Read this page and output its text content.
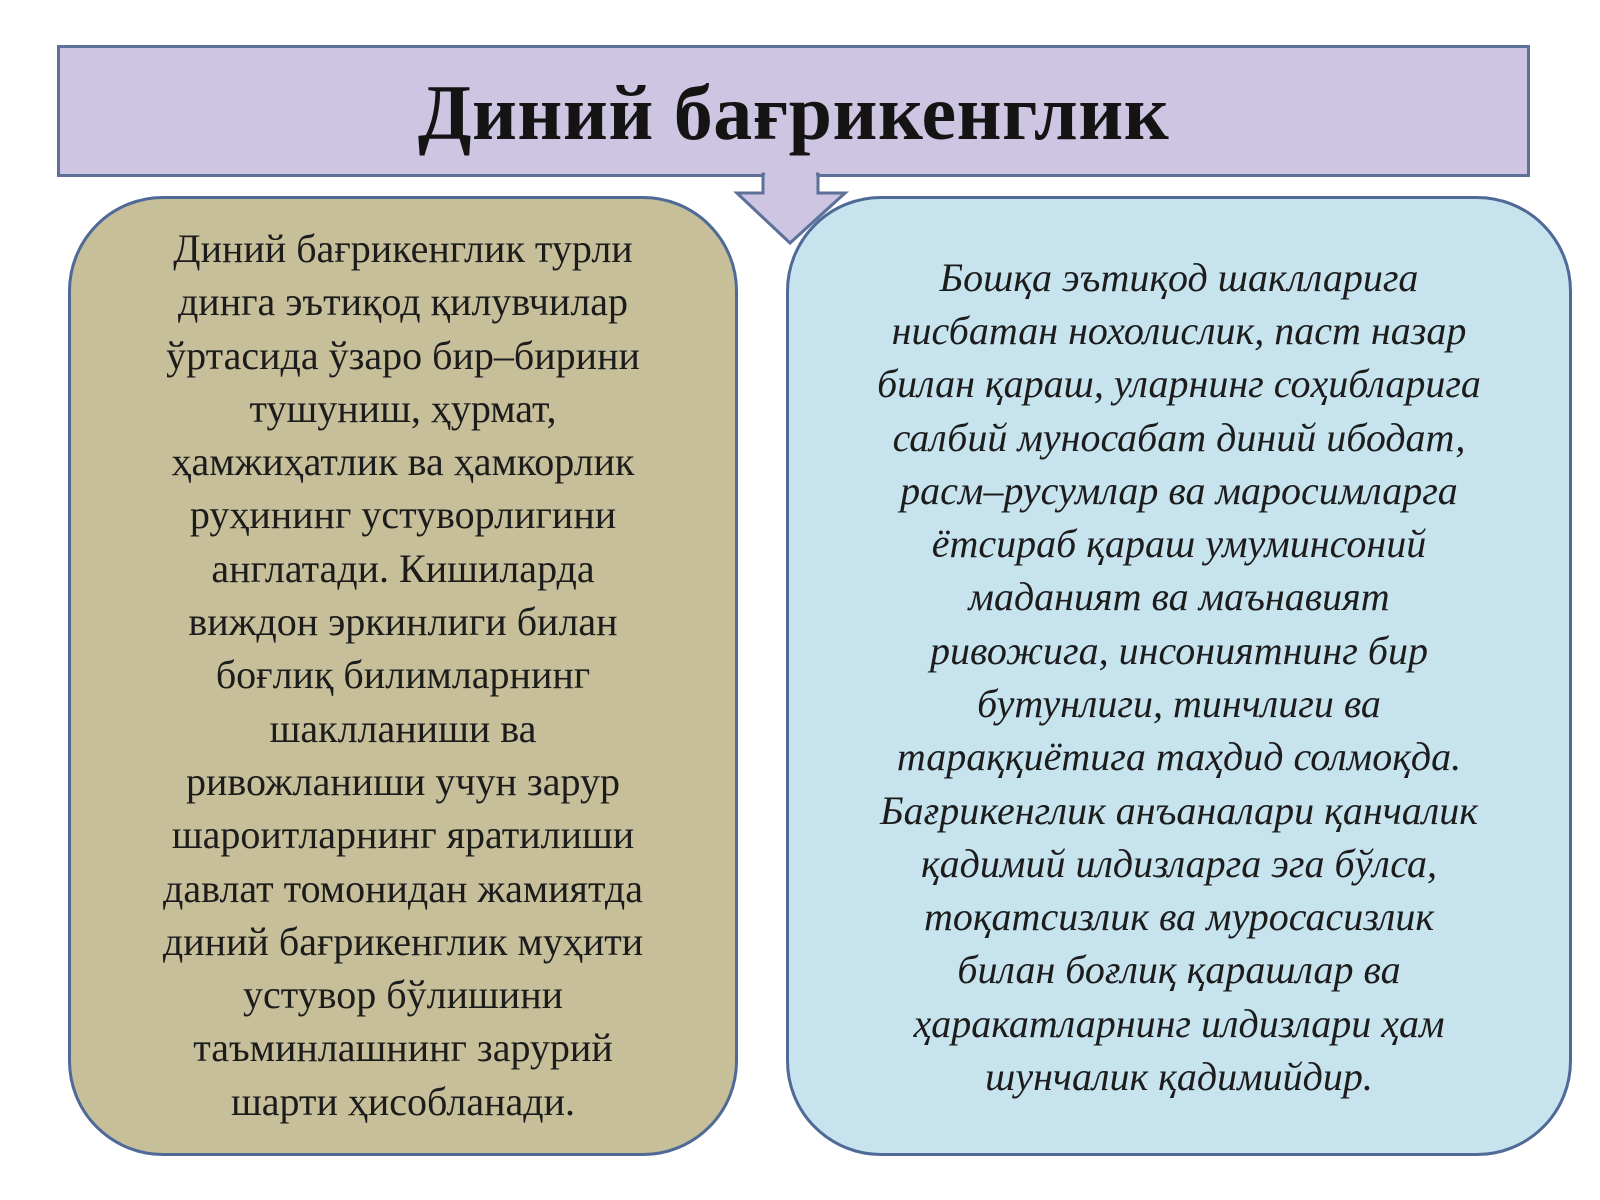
Диний бағрикенглик

Диний бағрикенглик турли
динга эътиқод қилувчилар
ўртасида ўзаро бир–бирини
тушуниш, ҳурмат,
ҳамжиҳатлик ва ҳамкорлик
руҳининг устуворлигини
англатади. Кишиларда
виждон эркинлиги билан
боғлиқ билимларнинг
шаклланиши ва
ривожланиши учун зарур
шароитларнинг яратилиши
давлат томонидан жамиятда
диний бағрикенглик муҳити
устувор бўлишини
таъминлашнинг зарурий
шарти ҳисобланади.

Бошқа эътиқод шаклларига
нисбатан нохолислик, паст назар
билан қараш, уларнинг соҳибларига
салбий муносабат диний ибодат,
расм–русумлар ва маросимларга
ётсираб қараш умуминсоний
маданият ва маънавият
ривожига, инсониятнинг бир
бутунлиги, тинчлиги ва
тараққиётига таҳдид солмоқда.
Бағрикенглик анъаналари қанчалик
қадимий илдизларга эга бўлса,
тоқатсизлик ва муросасизлик
билан боғлиқ қарашлар ва
ҳаракатларнинг илдизлари ҳам
шунчалик қадимийдир.
